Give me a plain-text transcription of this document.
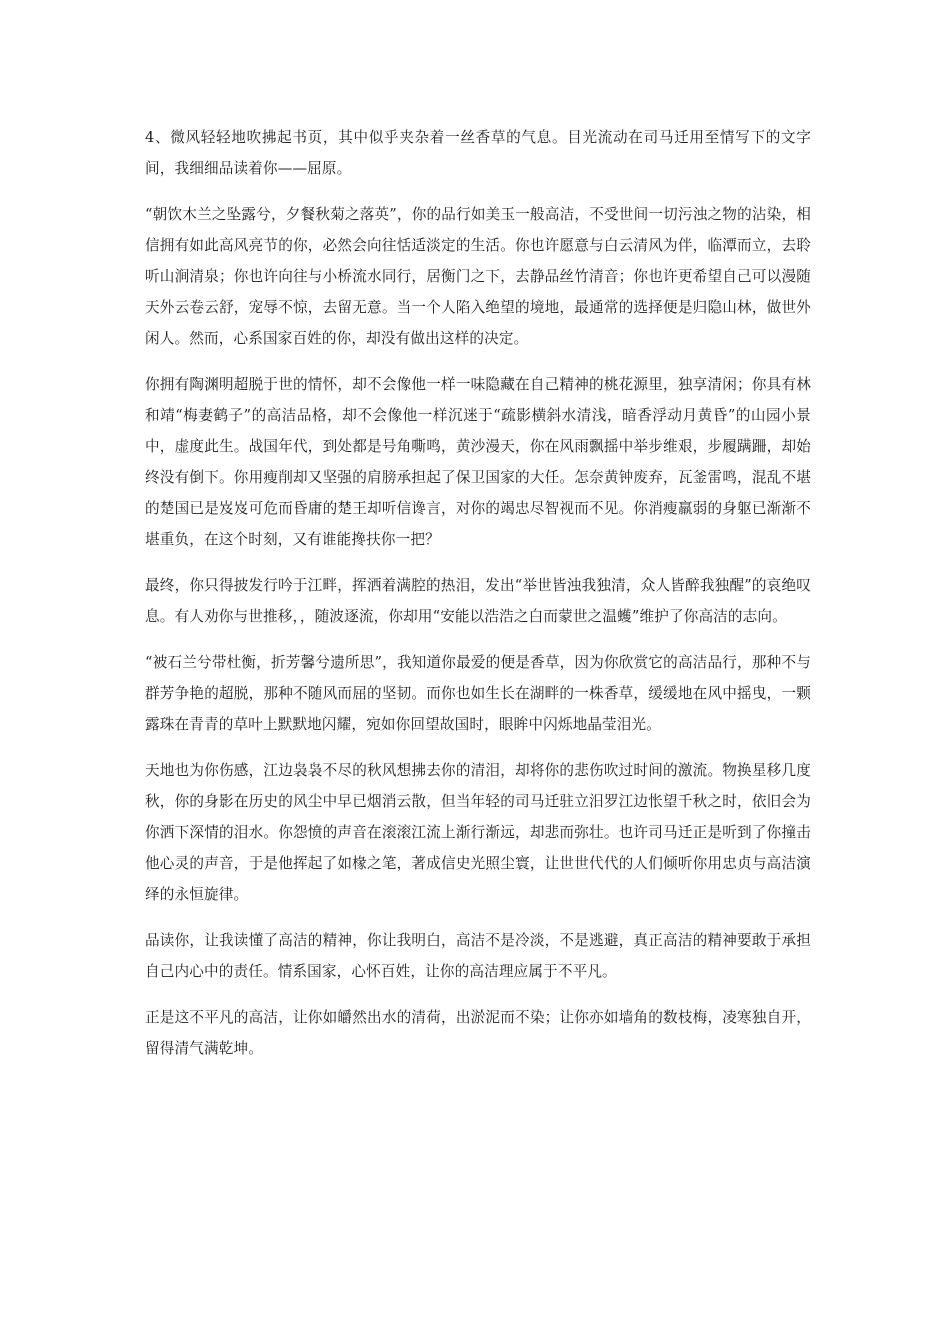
4、微风轻轻地吹拂起书页，其中似乎夹杂着一丝香草的气息。目光流动在司马迁用至情写下的文字间，我细细品读着你——屈原。

“朝饮木兰之坠露兮，夕餐秋菊之落英”，你的品行如美玉一般高洁，不受世间一切污浊之物的沾染，相信拥有如此高风亮节的你，必然会向往恬适淡定的生活。你也许愿意与白云清风为伴，临潭而立，去聆听山涧清泉；你也许向往与小桥流水同行，居衡门之下，去静品丝竹清音；你也许更希望自己可以漫随天外云卷云舒，宠辱不惊，去留无意。当一个人陷入绝望的境地，最通常的选择便是归隐山林，做世外闲人。然而，心系国家百姓的你，却没有做出这样的决定。

你拥有陶渊明超脱于世的情怀，却不会像他一样一味隐藏在自己精神的桃花源里，独享清闲；你具有林和靖“梅妻鹤子”的高洁品格，却不会像他一样沉迷于“疏影横斜水清浅，暗香浮动月黄昏”的山园小景中，虚度此生。战国年代，到处都是号角嘶鸣，黄沙漫天，你在风雨飘摇中举步维艰，步履蹒跚，却始终没有倒下。你用瘦削却又坚强的肩膀承担起了保卫国家的大任。怎奈黄钟废弃，瓦釜雷鸣，混乱不堪的楚国已是岌岌可危而昏庸的楚王却听信谗言，对你的竭忠尽智视而不见。你消瘦羸弱的身躯已渐渐不堪重负，在这个时刻，又有谁能搀扶你一把？

最终，你只得披发行吟于江畔，挥洒着满腔的热泪，发出“举世皆浊我独清，众人皆醉我独醒”的哀绝叹息。有人劝你与世推移，，随波逐流，你却用“安能以浩浩之白而蒙世之温蠖”维护了你高洁的志向。

“被石兰兮带杜衡，折芳馨兮遗所思”，我知道你最爱的便是香草，因为你欣赏它的高洁品行，那种不与群芳争艳的超脱，那种不随风而屈的坚韧。而你也如生长在湖畔的一株香草，缓缓地在风中摇曳，一颗露珠在青青的草叶上默默地闪耀，宛如你回望故国时，眼眸中闪烁地晶莹泪光。

天地也为你伤感，江边袅袅不尽的秋风想拂去你的清泪，却将你的悲伤吹过时间的激流。物换星移几度秋，你的身影在历史的风尘中早已烟消云散，但当年轻的司马迁驻立汨罗江边怅望千秋之时，依旧会为你洒下深情的泪水。你怨愤的声音在滚滚江流上渐行渐远，却悲而弥壮。也许司马迁正是听到了你撞击他心灵的声音，于是他挥起了如椽之笔，著成信史光照尘寰，让世世代代的人们倾听你用忠贞与高洁演绎的永恒旋律。

品读你，让我读懂了高洁的精神，你让我明白，高洁不是冷淡，不是逃避，真正高洁的精神要敢于承担自己内心中的责任。情系国家，心怀百姓，让你的高洁理应属于不平凡。

正是这不平凡的高洁，让你如皭然出水的清荷，出淤泥而不染；让你亦如墙角的数枝梅，凌寒独自开，留得清气满乾坤。
